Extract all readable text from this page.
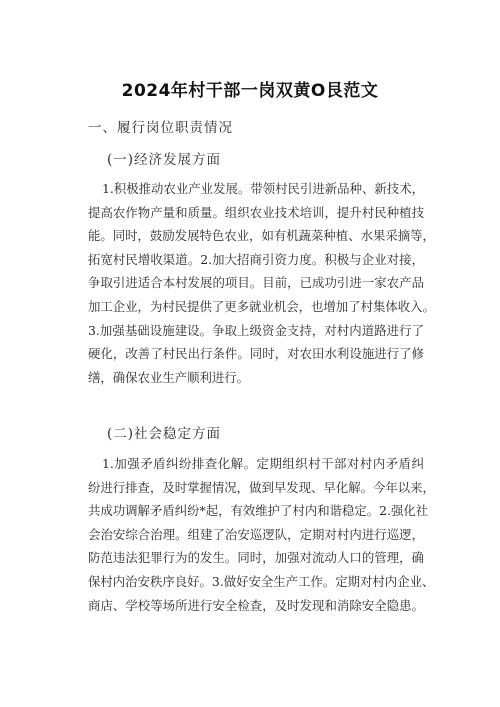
2024年村干部一岗双黄O艮范文
一、履行岗位职责情况
(一)经济发展方面
1.积极推动农业产业发展。带领村民引进新品种、新技术，
提高农作物产量和质量。组织农业技术培训，提升村民种植技
能。同时，鼓励发展特色农业，如有机蔬菜种植、水果采摘等，
拓宽村民增收渠道。2.加大招商引资力度。积极与企业对接，
争取引进适合本村发展的项目。目前，已成功引进一家农产品
加工企业，为村民提供了更多就业机会，也增加了村集体收入。
3.加强基础设施建设。争取上级资金支持，对村内道路进行了
硬化，改善了村民出行条件。同时，对农田水利设施进行了修
缮，确保农业生产顺利进行。
(二)社会稳定方面
1.加强矛盾纠纷排查化解。定期组织村干部对村内矛盾纠
纷进行排查，及时掌握情况，做到早发现、早化解。今年以来，
共成功调解矛盾纠纷*起，有效维护了村内和谐稳定。2.强化社
会治安综合治理。组建了治安巡逻队，定期对村内进行巡逻，
防范违法犯罪行为的发生。同时，加强对流动人口的管理，确
保村内治安秩序良好。3.做好安全生产工作。定期对村内企业、
商店、学校等场所进行安全检查，及时发现和消除安全隐患。
